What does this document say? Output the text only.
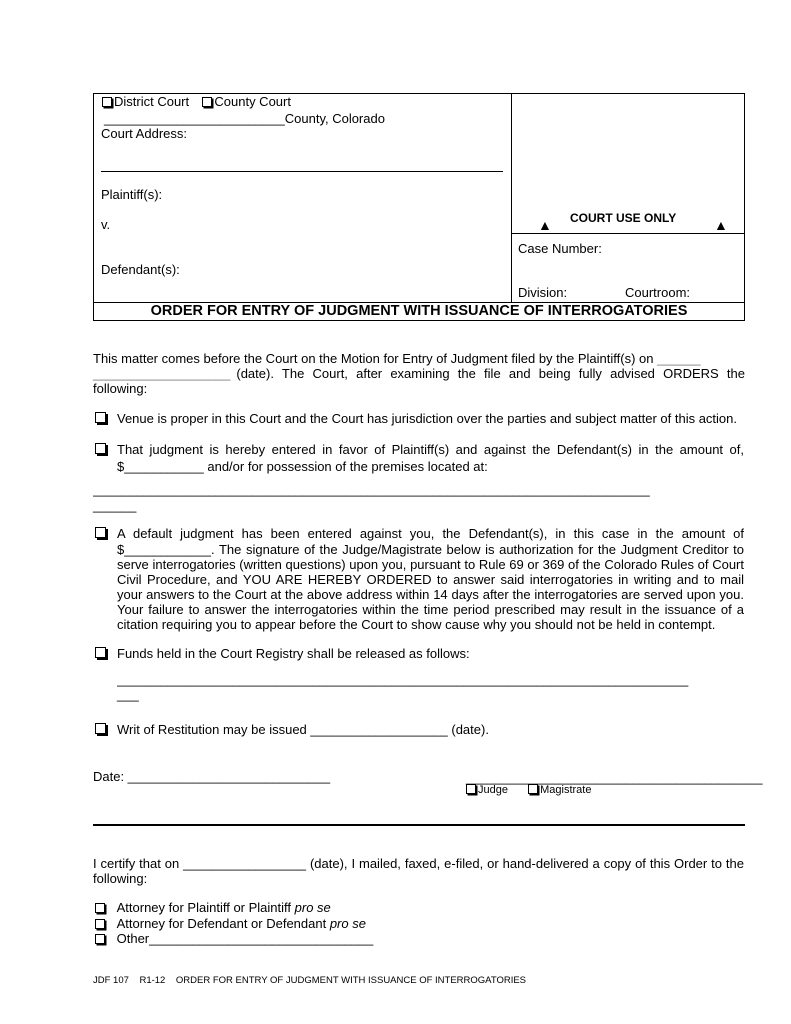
District Court County Court
_________________________County, Colorado
Court Address:
Plaintiff(s):
v.
Defendant(s):
▲ COURT USE ONLY	▲
Case Number:
Division:	Courtroom:
ORDER FOR ENTRY OF JUDGMENT WITH ISSUANCE OF INTERROGATORIES
This matter comes before the Court on the Motion for Entry of Judgment filed by the Plaintiff(s) on ______
___________________ (date). The Court, after examining the file and being fully advised ORDERS the
following:
Venue is proper in this Court and the Court has jurisdiction over the parties and subject matter of this action.
That judgment is hereby entered in favor of Plaintiff(s) and against the Defendant(s) in the amount of,
$___________ and/or for possession of the premises located at:
_____________________________________________________________________________
______
A default judgment has been entered against you, the Defendant(s), in this case in the amount of
$____________. The signature of the Judge/Magistrate below is authorization for the Judgment Creditor to serve interrogatories (written questions) upon you, pursuant to Rule 69 or 369 of the Colorado Rules of Court Civil Procedure, and YOU ARE HEREBY ORDERED to answer said interrogatories in writing and to mail your answers to the Court at the above address within 14 days after the interrogatories are served upon you. Your failure to answer the interrogatories within the time period prescribed may result in the issuance of a citation requiring you to appear before the Court to show cause why you should not be held in contempt.
Funds held in the Court Registry shall be released as follows:
_______________________________________________________________________________
___
Writ of Restitution may be issued ___________________ (date).
Date: ____________________________	_________________________________________
Judge	Magistrate
I certify that on _________________ (date), I mailed, faxed, e-filed, or hand-delivered a copy of this Order to the
following:
Attorney for Plaintiff or Plaintiff pro se
Attorney for Defendant or Defendant pro se
Other_______________________________
JDF 107    R1-12    ORDER FOR ENTRY OF JUDGMENT WITH ISSUANCE OF INTERROGATORIES
